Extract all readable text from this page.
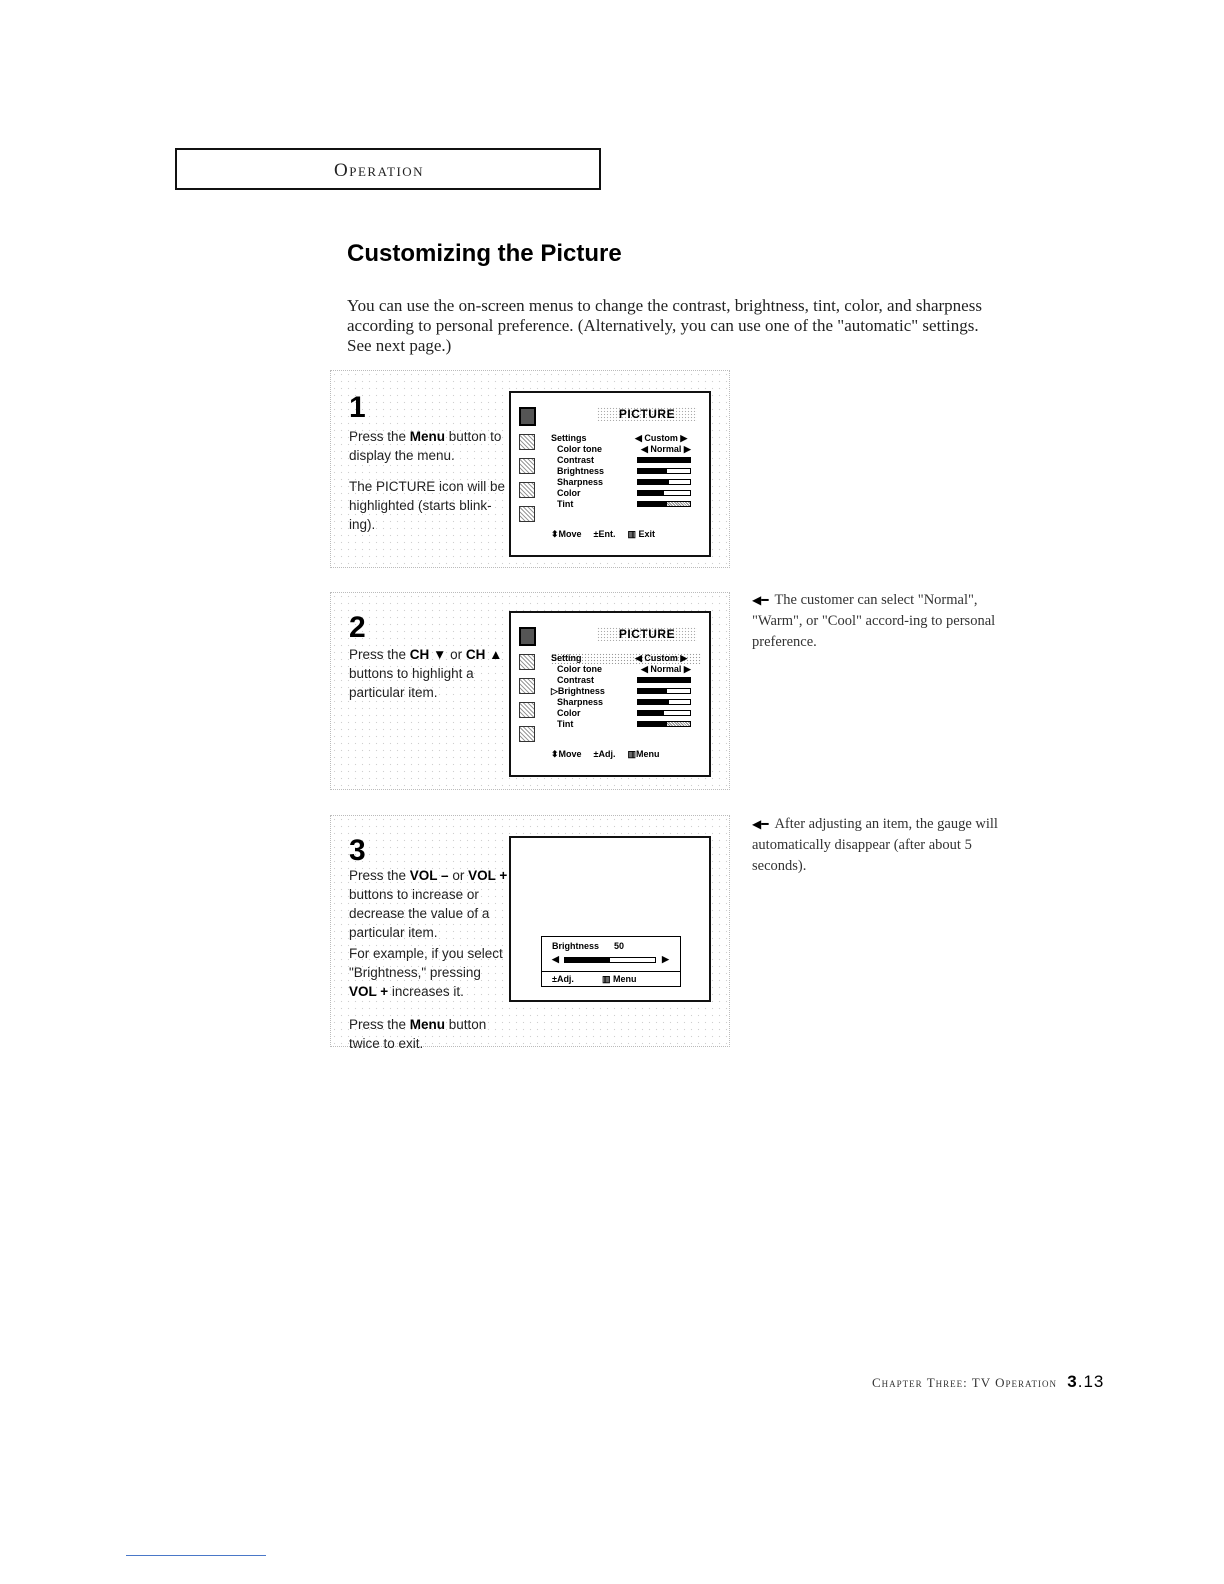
Operation
Customizing the Picture

You can use the on-screen menus to change the contrast, brightness, tint, color, and sharpness according to personal preference. (Alternatively, you can use one of the "automatic" settings. See next page.)

1

Press the Menu button to display the menu.

The PICTURE icon will be highlighted (starts blink-ing).

PICTURE
Settings	◀ Custom ▶
Color tone	◀ Normal ▶
Contrast
Brightness
Sharpness
Color
Tint
⬍Move ±Ent. ▥ Exit
2

Press the CH ▼ or CH ▲ buttons to highlight a particular item.

PICTURE
Setting	◀ Custom ▶
Color tone	◀ Normal ▶
Contrast
▷Brightness
Sharpness
Color
Tint
⬍Move ±Adj. ▥Menu

◀━ The customer can select "Normal", "Warm", or "Cool" accord-ing to personal preference.

3

Press the VOL – or VOL + buttons to increase or decrease the value of a particular item.

For example, if you select "Brightness," pressing VOL + increases it.

Press the Menu button twice to exit.

Brightness 50
◀	▶
±Adj.	▥ Menu

◀━ After adjusting an item, the gauge will automatically disappear (after about 5 seconds).

Chapter Three: TV Operation 3.13
